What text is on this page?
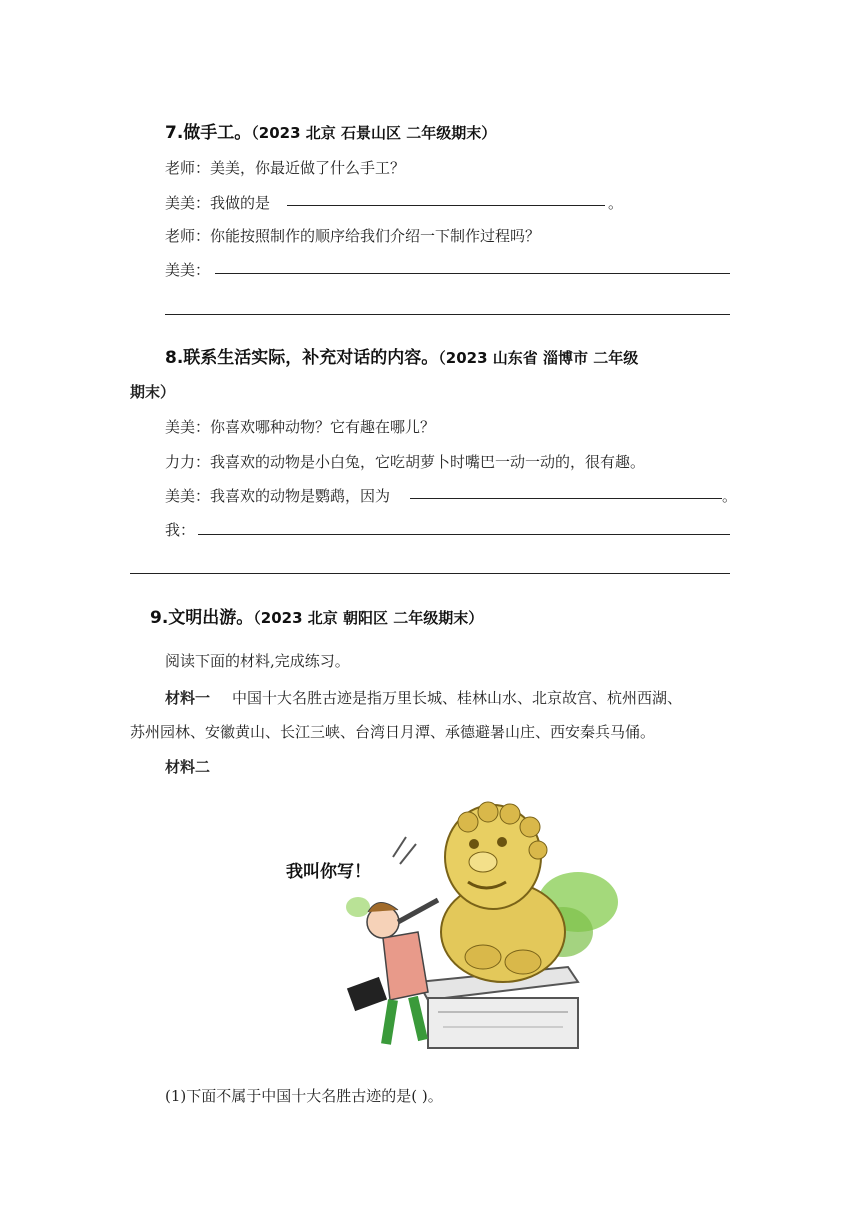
7.做手工。（2023 北京 石景山区 二年级期末）
老师：美美，你最近做了什么手工？
美美：我做的是	。
老师：你能按照制作的顺序给我们介绍一下制作过程吗？
美美：
8.联系生活实际，补充对话的内容。（2023 山东省 淄博市 二年级
期末）
美美：你喜欢哪种动物？它有趣在哪儿？
力力：我喜欢的动物是小白兔，它吃胡萝卜时嘴巴一动一动的，很有趣。
美美：我喜欢的动物是鹦鹉，因为	。
我：
9.文明出游。（2023 北京 朝阳区 二年级期末）
阅读下面的材料,完成练习。
材料一 中国十大名胜古迹是指万里长城、桂林山水、北京故宫、杭州西湖、
苏州园林、安徽黄山、长江三峡、台湾日月潭、承德避暑山庄、西安秦兵马俑。
材料二
我叫你写！
(1)下面不属于中国十大名胜古迹的是( )。
